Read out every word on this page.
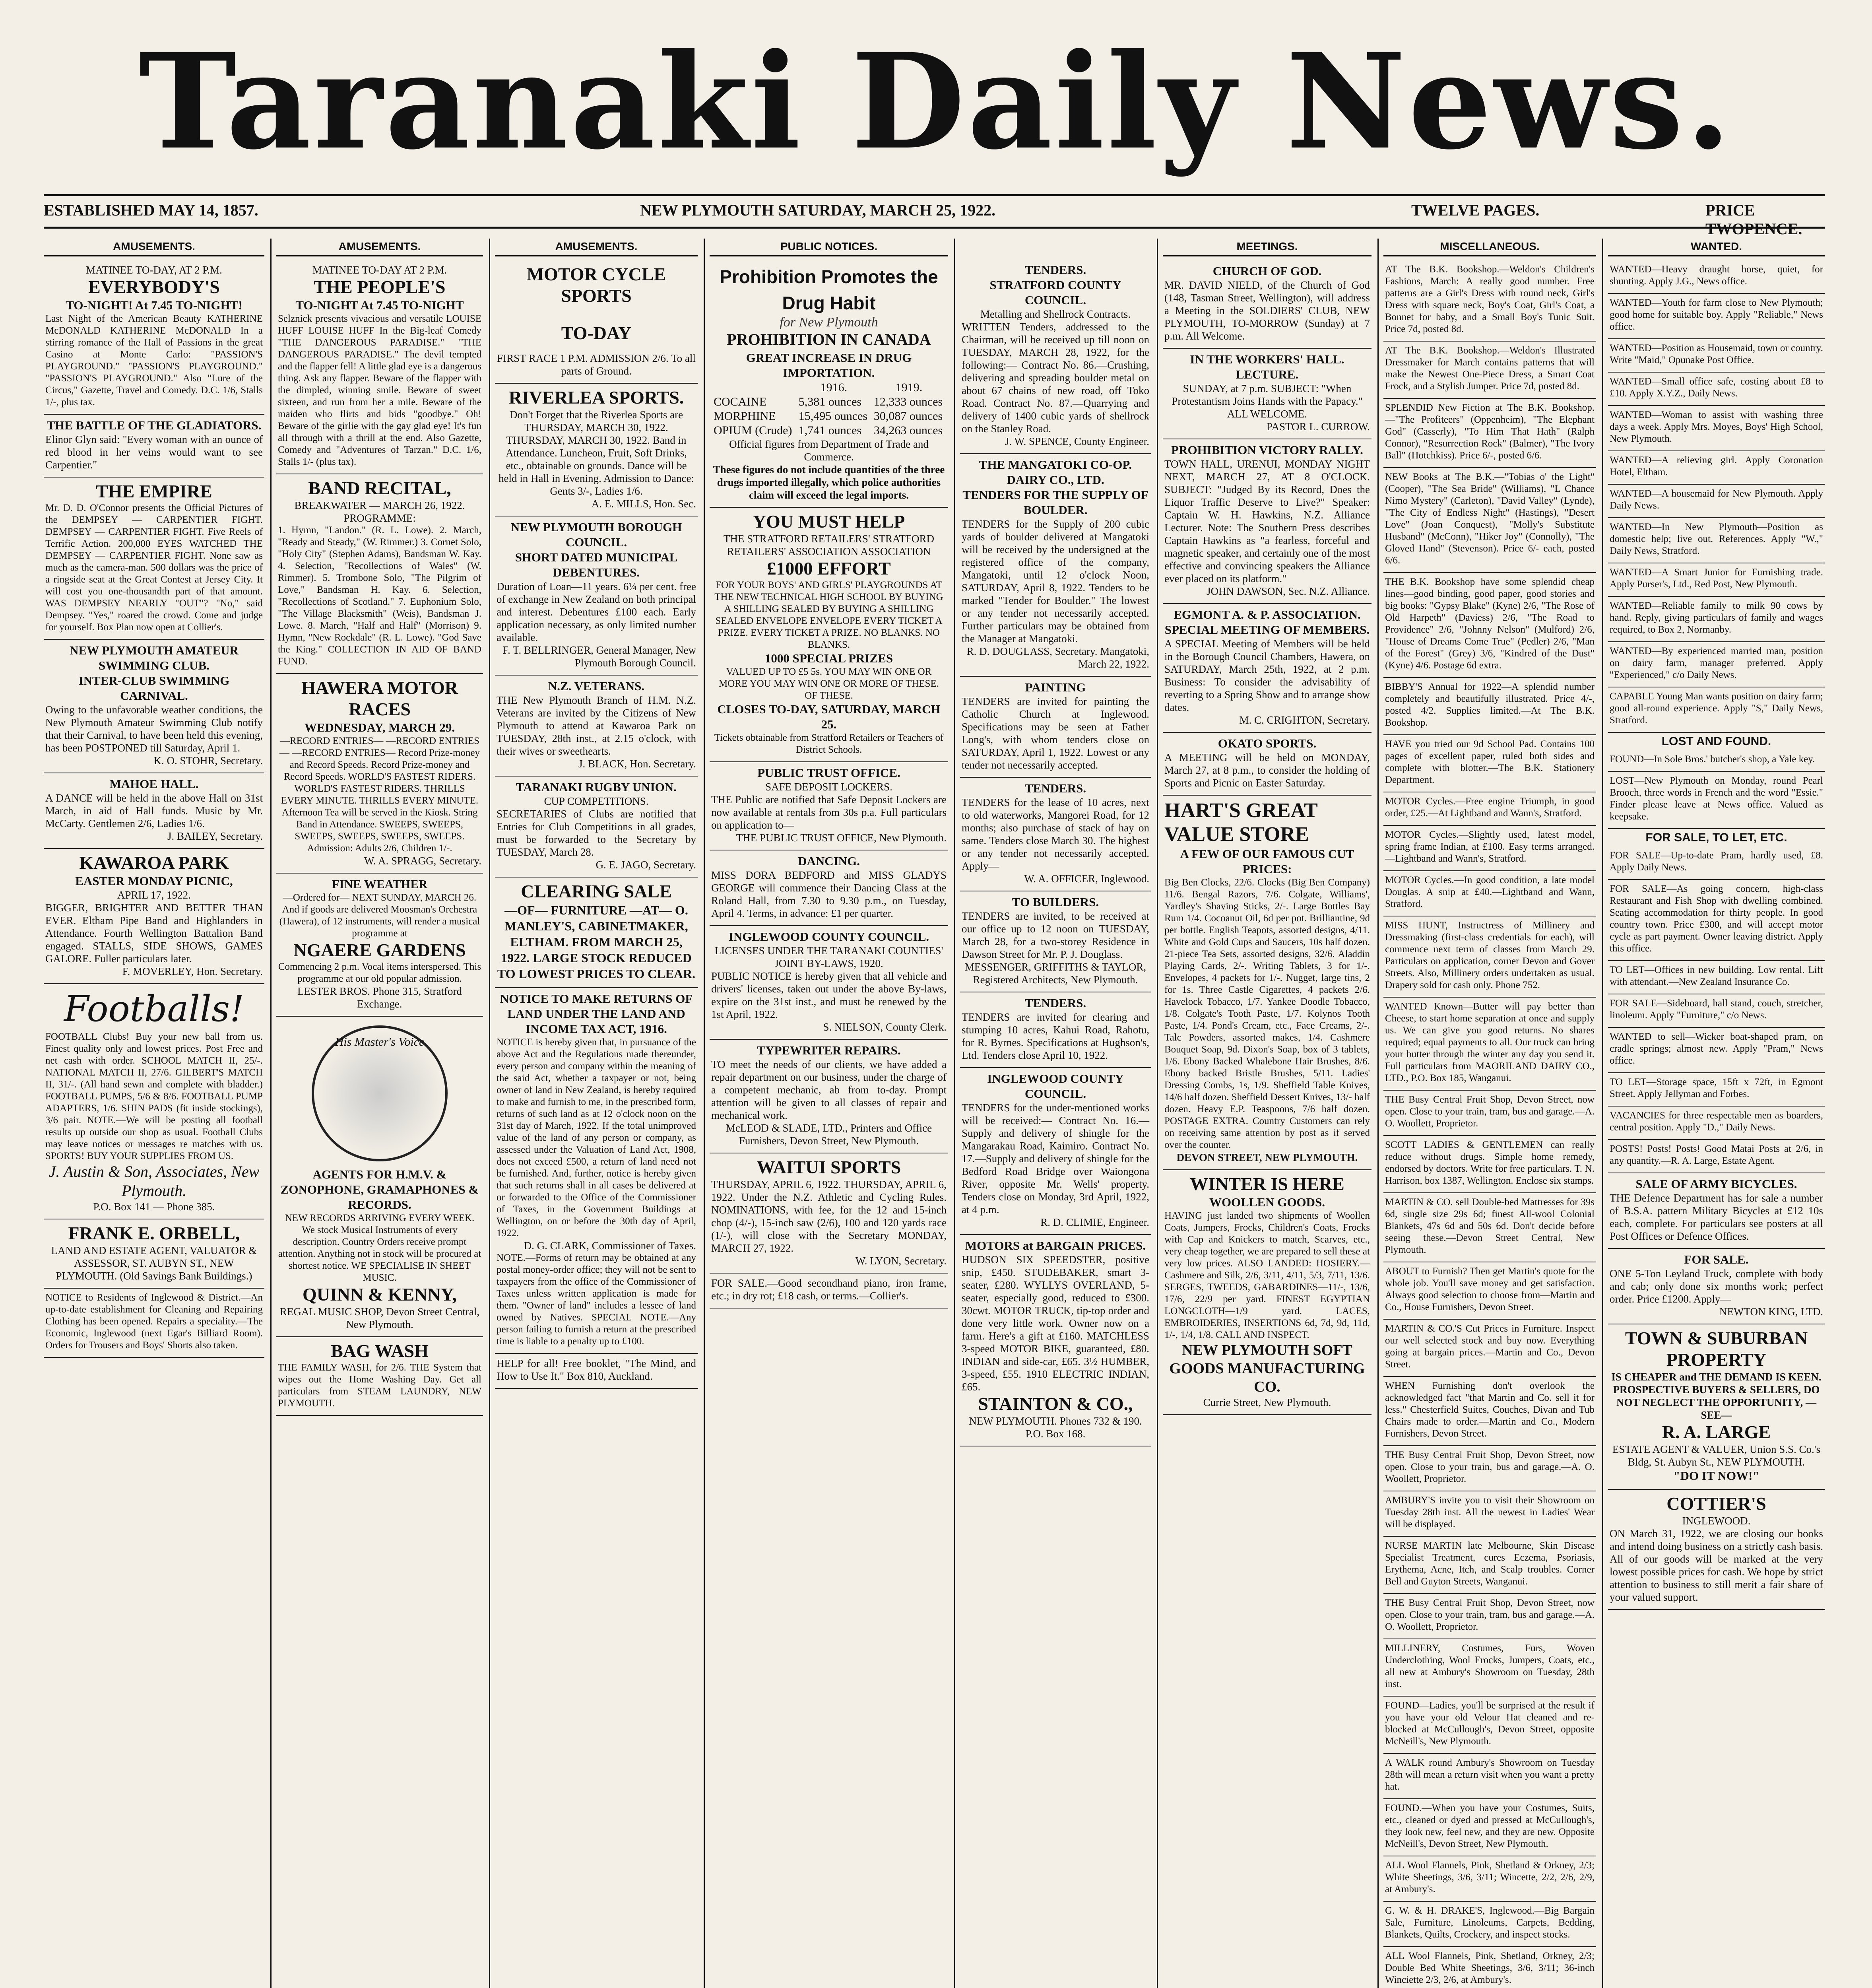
Taranaki Daily News.
ESTABLISHED MAY 14, 1857.	NEW PLYMOUTH SATURDAY, MARCH 25, 1922.	TWELVE PAGES.	PRICE TWOPENCE.
AMUSEMENTS.
MATINEE TO-DAY, AT 2 P.M.
EVERYBODY'S
TO-NIGHT! At 7.45 TO-NIGHT!
Last Night of the American Beauty KATHERINE McDONALD KATHERINE McDONALD In a stirring romance of the Hall of Passions in the great Casino at Monte Carlo: "PASSION'S PLAYGROUND." "PASSION'S PLAYGROUND." "PASSION'S PLAYGROUND." Also "Lure of the Circus," Gazette, Travel and Comedy. D.C. 1/6, Stalls 1/-, plus tax.
THE BATTLE OF THE GLADIATORS.
Elinor Glyn said: "Every woman with an ounce of red blood in her veins would want to see Carpentier."
THE EMPIRE
Mr. D. D. O'Connor presents the Official Pictures of the DEMPSEY — CARPENTIER FIGHT. DEMPSEY — CARPENTIER FIGHT. Five Reels of Terrific Action. 200,000 EYES WATCHED THE DEMPSEY — CARPENTIER FIGHT. None saw as much as the camera-man. 500 dollars was the price of a ringside seat at the Great Contest at Jersey City. It will cost you one-thousandth part of that amount. WAS DEMPSEY NEARLY "OUT"? "No," said Dempsey. "Yes," roared the crowd. Come and judge for yourself. Box Plan now open at Collier's.
NEW PLYMOUTH AMATEUR SWIMMING CLUB.
INTER-CLUB SWIMMING CARNIVAL.
Owing to the unfavorable weather conditions, the New Plymouth Amateur Swimming Club notify that their Carnival, to have been held this evening, has been POSTPONED till Saturday, April 1.
K. O. STOHR, Secretary.
MAHOE HALL.
A DANCE will be held in the above Hall on 31st March, in aid of Hall funds. Music by Mr. McCarty. Gentlemen 2/6, Ladies 1/6.
J. BAILEY, Secretary.
KAWAROA PARK
EASTER MONDAY PICNIC,
APRIL 17, 1922.
BIGGER, BRIGHTER AND BETTER THAN EVER. Eltham Pipe Band and Highlanders in Attendance. Fourth Wellington Battalion Band engaged. STALLS, SIDE SHOWS, GAMES GALORE. Fuller particulars later.
F. MOVERLEY, Hon. Secretary.
Footballs!
FOOTBALL Clubs! Buy your new ball from us. Finest quality only and lowest prices. Post Free and net cash with order. SCHOOL MATCH II, 25/-. NATIONAL MATCH II, 27/6. GILBERT'S MATCH II, 31/-. (All hand sewn and complete with bladder.) FOOTBALL PUMPS, 5/6 & 8/6. FOOTBALL PUMP ADAPTERS, 1/6. SHIN PADS (fit inside stockings), 3/6 pair. NOTE.—We will be posting all football results up outside our shop as usual. Football Clubs may leave notices or messages re matches with us. SPORTS! BUY YOUR SUPPLIES FROM US.
J. Austin & Son, Associates, New Plymouth.
P.O. Box 141 — Phone 385.
FRANK E. ORBELL,
LAND AND ESTATE AGENT, VALUATOR & ASSESSOR, ST. AUBYN ST., NEW PLYMOUTH. (Old Savings Bank Buildings.)
NOTICE to Residents of Inglewood & District.—An up-to-date establishment for Cleaning and Repairing Clothing has been opened. Repairs a speciality.—The Economic, Inglewood (next Egar's Billiard Room). Orders for Trousers and Boys' Shorts also taken.
AMUSEMENTS.
MATINEE TO-DAY AT 2 P.M.
THE PEOPLE'S
TO-NIGHT At 7.45 TO-NIGHT
Selznick presents vivacious and versatile LOUISE HUFF LOUISE HUFF In the Big-leaf Comedy "THE DANGEROUS PARADISE." "THE DANGEROUS PARADISE." The devil tempted and the flapper fell! A little glad eye is a dangerous thing. Ask any flapper. Beware of the flapper with the dimpled, winning smile. Beware of sweet sixteen, and run from her a mile. Beware of the maiden who flirts and bids "goodbye." Oh! Beware of the girlie with the gay glad eye! It's fun all through with a thrill at the end. Also Gazette, Comedy and "Adventures of Tarzan." D.C. 1/6, Stalls 1/- (plus tax).
BAND RECITAL,
BREAKWATER — MARCH 26, 1922.
PROGRAMME:
1. Hymn, "Landon." (R. L. Lowe). 2. March, "Ready and Steady," (W. Rimmer.) 3. Cornet Solo, "Holy City" (Stephen Adams), Bandsman W. Kay. 4. Selection, "Recollections of Wales" (W. Rimmer). 5. Trombone Solo, "The Pilgrim of Love," Bandsman H. Kay. 6. Selection, "Recollections of Scotland." 7. Euphonium Solo, "The Village Blacksmith" (Weis), Bandsman J. Lowe. 8. March, "Half and Half" (Morrison) 9. Hymn, "New Rockdale" (R. L. Lowe). "God Save the King." COLLECTION IN AID OF BAND FUND.
HAWERA MOTOR RACES
WEDNESDAY, MARCH 29.
—RECORD ENTRIES— —RECORD ENTRIES— —RECORD ENTRIES— Record Prize-money and Record Speeds. Record Prize-money and Record Speeds. WORLD'S FASTEST RIDERS. WORLD'S FASTEST RIDERS. THRILLS EVERY MINUTE. THRILLS EVERY MINUTE. Afternoon Tea will be served in the Kiosk. String Band in Attendance. SWEEPS, SWEEPS, SWEEPS, SWEEPS, SWEEPS, SWEEPS. Admission: Adults 2/6, Children 1/-.
W. A. SPRAGG, Secretary.
FINE WEATHER
—Ordered for— NEXT SUNDAY, MARCH 26. And if goods are delivered Moosman's Orchestra (Hawera), of 12 instruments, will render a musical programme at
NGAERE GARDENS
Commencing 2 p.m. Vocal items interspersed. This programme at our old popular admission.
LESTER BROS. Phone 315, Stratford Exchange.
His Master's Voice
AGENTS FOR H.M.V. & ZONOPHONE, GRAMAPHONES & RECORDS.
NEW RECORDS ARRIVING EVERY WEEK. We stock Musical Instruments of every description. Country Orders receive prompt attention. Anything not in stock will be procured at shortest notice. WE SPECIALISE IN SHEET MUSIC.
QUINN & KENNY,
REGAL MUSIC SHOP, Devon Street Central, New Plymouth.
BAG WASH
THE FAMILY WASH, for 2/6. THE System that wipes out the Home Washing Day. Get all particulars from STEAM LAUNDRY, NEW PLYMOUTH.
AMUSEMENTS.
MOTOR CYCLE SPORTS
TO-DAY
FIRST RACE 1 P.M. ADMISSION 2/6. To all parts of Ground.
RIVERLEA SPORTS.
Don't Forget that the Riverlea Sports are THURSDAY, MARCH 30, 1922. THURSDAY, MARCH 30, 1922. Band in Attendance. Luncheon, Fruit, Soft Drinks, etc., obtainable on grounds. Dance will be held in Hall in Evening. Admission to Dance: Gents 3/-, Ladies 1/6.
A. E. MILLS, Hon. Sec.
NEW PLYMOUTH BOROUGH COUNCIL.
SHORT DATED MUNICIPAL DEBENTURES.
Duration of Loan—11 years. 6¼ per cent. free of exchange in New Zealand on both principal and interest. Debentures £100 each. Early application necessary, as only limited number available.
F. T. BELLRINGER, General Manager, New Plymouth Borough Council.
N.Z. VETERANS.
THE New Plymouth Branch of H.M. N.Z. Veterans are invited by the Citizens of New Plymouth to attend at Kawaroa Park on TUESDAY, 28th inst., at 2.15 o'clock, with their wives or sweethearts.
J. BLACK, Hon. Secretary.
TARANAKI RUGBY UNION.
CUP COMPETITIONS.
SECRETARIES of Clubs are notified that Entries for Club Competitions in all grades, must be forwarded to the Secretary by TUESDAY, March 28.
G. E. JAGO, Secretary.
CLEARING SALE
—OF— FURNITURE —AT— O. MANLEY'S, CABINETMAKER, ELTHAM. FROM MARCH 25, 1922. LARGE STOCK REDUCED TO LOWEST PRICES TO CLEAR.
NOTICE TO MAKE RETURNS OF LAND UNDER THE LAND AND INCOME TAX ACT, 1916.
NOTICE is hereby given that, in pursuance of the above Act and the Regulations made thereunder, every person and company within the meaning of the said Act, whether a taxpayer or not, being owner of land in New Zealand, is hereby required to make and furnish to me, in the prescribed form, returns of such land as at 12 o'clock noon on the 31st day of March, 1922. If the total unimproved value of the land of any person or company, as assessed under the Valuation of Land Act, 1908, does not exceed £500, a return of land need not be furnished. And, further, notice is hereby given that such returns shall in all cases be delivered at or forwarded to the Office of the Commissioner of Taxes, in the Government Buildings at Wellington, on or before the 30th day of April, 1922.
D. G. CLARK, Commissioner of Taxes.
NOTE.—Forms of return may be obtained at any postal money-order office; they will not be sent to taxpayers from the office of the Commissioner of Taxes unless written application is made for them. "Owner of land" includes a lessee of land owned by Natives. SPECIAL NOTE.—Any person failing to furnish a return at the prescribed time is liable to a penalty up to £100.
HELP for all! Free booklet, "The Mind, and How to Use It." Box 810, Auckland.
PUBLIC NOTICES.
Prohibition Promotes the Drug Habit
for New Plymouth
PROHIBITION IN CANADA
GREAT INCREASE IN DRUG IMPORTATION.
	1916.	1919.
COCAINE	5,381 ounces	12,333 ounces
MORPHINE	15,495 ounces	30,087 ounces
OPIUM (Crude)	1,741 ounces	34,263 ounces
Official figures from Department of Trade and Commerce.
These figures do not include quantities of the three drugs imported illegally, which police authorities claim will exceed the legal imports.
YOU MUST HELP
THE STRATFORD RETAILERS' STRATFORD RETAILERS' ASSOCIATION ASSOCIATION
£1000 EFFORT
FOR YOUR BOYS' AND GIRLS' PLAYGROUNDS AT THE NEW TECHNICAL HIGH SCHOOL BY BUYING A SHILLING SEALED BY BUYING A SHILLING SEALED ENVELOPE ENVELOPE EVERY TICKET A PRIZE. EVERY TICKET A PRIZE. NO BLANKS. NO BLANKS.
1000 SPECIAL PRIZES
VALUED UP TO £5 5s. YOU MAY WIN ONE OR MORE YOU MAY WIN ONE OR MORE OF THESE. OF THESE.
CLOSES TO-DAY, SATURDAY, MARCH 25.
Tickets obtainable from Stratford Retailers or Teachers of District Schools.
PUBLIC TRUST OFFICE.
SAFE DEPOSIT LOCKERS.
THE Public are notified that Safe Deposit Lockers are now available at rentals from 30s p.a. Full particulars on application to—
THE PUBLIC TRUST OFFICE, New Plymouth.
DANCING.
MISS DORA BEDFORD and MISS GLADYS GEORGE will commence their Dancing Class at the Roland Hall, from 7.30 to 9.30 p.m., on Tuesday, April 4. Terms, in advance: £1 per quarter.
INGLEWOOD COUNTY COUNCIL.
LICENSES UNDER THE TARANAKI COUNTIES' JOINT BY-LAWS, 1920.
PUBLIC NOTICE is hereby given that all vehicle and drivers' licenses, taken out under the above By-laws, expire on the 31st inst., and must be renewed by the 1st April, 1922.
S. NIELSON, County Clerk.
TYPEWRITER REPAIRS.
TO meet the needs of our clients, we have added a repair department on our business, under the charge of a competent mechanic, ab from to-day. Prompt attention will be given to all classes of repair and mechanical work.
McLEOD & SLADE, LTD., Printers and Office Furnishers, Devon Street, New Plymouth.
WAITUI SPORTS
THURSDAY, APRIL 6, 1922. THURSDAY, APRIL 6, 1922. Under the N.Z. Athletic and Cycling Rules. NOMINATIONS, with fee, for the 12 and 15-inch chop (4/-), 15-inch saw (2/6), 100 and 120 yards race (1/-), will close with the Secretary MONDAY, MARCH 27, 1922.
W. LYON, Secretary.
FOR SALE.—Good secondhand piano, iron frame, etc.; in dry rot; £18 cash, or terms.—Collier's.
TENDERS.
STRATFORD COUNTY COUNCIL.
Metalling and Shellrock Contracts.
WRITTEN Tenders, addressed to the Chairman, will be received up till noon on TUESDAY, MARCH 28, 1922, for the following:— Contract No. 86.—Crushing, delivering and spreading boulder metal on about 67 chains of new road, off Toko Road. Contract No. 87.—Quarrying and delivery of 1400 cubic yards of shellrock on the Stanley Road.
J. W. SPENCE, County Engineer.
THE MANGATOKI CO-OP. DAIRY CO., LTD.
TENDERS FOR THE SUPPLY OF BOULDER.
TENDERS for the Supply of 200 cubic yards of boulder delivered at Mangatoki will be received by the undersigned at the registered office of the company, Mangatoki, until 12 o'clock Noon, SATURDAY, April 8, 1922. Tenders to be marked "Tender for Boulder." The lowest or any tender not necessarily accepted. Further particulars may be obtained from the Manager at Mangatoki.
R. D. DOUGLASS, Secretary. Mangatoki, March 22, 1922.
PAINTING
TENDERS are invited for painting the Catholic Church at Inglewood. Specifications may be seen at Father Long's, with whom tenders close on SATURDAY, April 1, 1922. Lowest or any tender not necessarily accepted.
TENDERS.
TENDERS for the lease of 10 acres, next to old waterworks, Mangorei Road, for 12 months; also purchase of stack of hay on same. Tenders close March 30. The highest or any tender not necessarily accepted. Apply—
W. A. OFFICER, Inglewood.
TO BUILDERS.
TENDERS are invited, to be received at our office up to 12 noon on TUESDAY, March 28, for a two-storey Residence in Dawson Street for Mr. P. J. Douglass.
MESSENGER, GRIFFITHS & TAYLOR, Registered Architects, New Plymouth.
TENDERS.
TENDERS are invited for clearing and stumping 10 acres, Kahui Road, Rahotu, for R. Byrnes. Specifications at Hughson's, Ltd. Tenders close April 10, 1922.
INGLEWOOD COUNTY COUNCIL.
TENDERS for the under-mentioned works will be received:— Contract No. 16.—Supply and delivery of shingle for the Mangarakau Road, Kaimiro. Contract No. 17.—Supply and delivery of shingle for the Bedford Road Bridge over Waiongona River, opposite Mr. Wells' property. Tenders close on Monday, 3rd April, 1922, at 4 p.m.
R. D. CLIMIE, Engineer.
MOTORS at BARGAIN PRICES.
HUDSON SIX SPEEDSTER, positive snip, £450. STUDEBAKER, smart 3-seater, £280. WYLLYS OVERLAND, 5-seater, especially good, reduced to £300. 30cwt. MOTOR TRUCK, tip-top order and done very little work. Owner now on a farm. Here's a gift at £160. MATCHLESS 3-speed MOTOR BIKE, guaranteed, £80. INDIAN and side-car, £65. 3½ HUMBER, 3-speed, £55. 1910 ELECTRIC INDIAN, £65.
STAINTON & CO.,
NEW PLYMOUTH. Phones 732 & 190. P.O. Box 168.
MEETINGS.
CHURCH OF GOD.
MR. DAVID NIELD, of the Church of God (148, Tasman Street, Wellington), will address a Meeting in the SOLDIERS' CLUB, NEW PLYMOUTH, TO-MORROW (Sunday) at 7 p.m. All Welcome.
IN THE WORKERS' HALL.
LECTURE.
SUNDAY, at 7 p.m. SUBJECT: "When Protestantism Joins Hands with the Papacy." ALL WELCOME.
PASTOR L. CURROW.
PROHIBITION VICTORY RALLY.
TOWN HALL, URENUI, MONDAY NIGHT NEXT, MARCH 27, AT 8 O'CLOCK. SUBJECT: "Judged By its Record, Does the Liquor Traffic Deserve to Live?" Speaker: Captain W. H. Hawkins, N.Z. Alliance Lecturer. Note: The Southern Press describes Captain Hawkins as "a fearless, forceful and magnetic speaker, and certainly one of the most effective and convincing speakers the Alliance ever placed on its platform."
JOHN DAWSON, Sec. N.Z. Alliance.
EGMONT A. & P. ASSOCIATION.
SPECIAL MEETING OF MEMBERS.
A SPECIAL Meeting of Members will be held in the Borough Council Chambers, Hawera, on SATURDAY, March 25th, 1922, at 2 p.m. Business: To consider the advisability of reverting to a Spring Show and to arrange show dates.
M. C. CRIGHTON, Secretary.
OKATO SPORTS.
A MEETING will be held on MONDAY, March 27, at 8 p.m., to consider the holding of Sports and Picnic on Easter Saturday.
HART'S GREAT VALUE STORE
A FEW OF OUR FAMOUS CUT PRICES:
Big Ben Clocks, 22/6. Clocks (Big Ben Company) 11/6. Bengal Razors, 7/6. Colgate, Williams', Yardley's Shaving Sticks, 2/-. Large Bottles Bay Rum 1/4. Cocoanut Oil, 6d per pot. Brilliantine, 9d per bottle. English Teapots, assorted designs, 4/11. White and Gold Cups and Saucers, 10s half dozen. 21-piece Tea Sets, assorted designs, 32/6. Aladdin Playing Cards, 2/-. Writing Tablets, 3 for 1/-. Envelopes, 4 packets for 1/-. Nugget, large tins, 2 for 1s. Three Castle Cigarettes, 4 packets 2/6. Havelock Tobacco, 1/7. Yankee Doodle Tobacco, 1/8. Colgate's Tooth Paste, 1/7. Kolynos Tooth Paste, 1/4. Pond's Cream, etc., Face Creams, 2/-. Talc Powders, assorted makes, 1/4. Cashmere Bouquet Soap, 9d. Dixon's Soap, box of 3 tablets, 1/6. Ebony Backed Whalebone Hair Brushes, 8/6. Ebony backed Bristle Brushes, 5/11. Ladies' Dressing Combs, 1s, 1/9. Sheffield Table Knives, 14/6 half dozen. Sheffield Dessert Knives, 13/- half dozen. Heavy E.P. Teaspoons, 7/6 half dozen. POSTAGE EXTRA. Country Customers can rely on receiving same attention by post as if served over the counter.
DEVON STREET, NEW PLYMOUTH.
WINTER IS HERE
WOOLLEN GOODS.
HAVING just landed two shipments of Woollen Coats, Jumpers, Frocks, Children's Coats, Frocks with Cap and Knickers to match, Scarves, etc., very cheap together, we are prepared to sell these at very low prices. ALSO LANDED: HOSIERY.—Cashmere and Silk, 2/6, 3/11, 4/11, 5/3, 7/11, 13/6. SERGES, TWEEDS, GABARDINES—11/-, 13/6, 17/6, 22/9 per yard. FINEST EGYPTIAN LONGCLOTH—1/9 yard. LACES, EMBROIDERIES, INSERTIONS 6d, 7d, 9d, 11d, 1/-, 1/4, 1/8. CALL AND INSPECT.
NEW PLYMOUTH SOFT GOODS MANUFACTURING CO.
Currie Street, New Plymouth.
MISCELLANEOUS.
AT The B.K. Bookshop.—Weldon's Children's Fashions, March: A really good number. Free patterns are a Girl's Dress with round neck, Girl's Dress with square neck, Boy's Coat, Girl's Coat, a Bonnet for baby, and a Small Boy's Tunic Suit. Price 7d, posted 8d.
AT The B.K. Bookshop.—Weldon's Illustrated Dressmaker for March contains patterns that will make the Newest One-Piece Dress, a Smart Coat Frock, and a Stylish Jumper. Price 7d, posted 8d.
SPLENDID New Fiction at The B.K. Bookshop.—"The Profiteers" (Oppenheim), "The Elephant God" (Casserly), "To Him That Hath" (Ralph Connor), "Resurrection Rock" (Balmer), "The Ivory Ball" (Hotchkiss). Price 6/-, posted 6/6.
NEW Books at The B.K.—"Tobias o' the Light" (Cooper), "The Sea Bride" (Williams), "L Chance Nimo Mystery" (Carleton), "David Valley" (Lynde), "The City of Endless Night" (Hastings), "Desert Love" (Joan Conquest), "Molly's Substitute Husband" (McConn), "Hiker Joy" (Connolly), "The Gloved Hand" (Stevenson). Price 6/- each, posted 6/6.
THE B.K. Bookshop have some splendid cheap lines—good binding, good paper, good stories and big books: "Gypsy Blake" (Kyne) 2/6, "The Rose of Old Harpeth" (Daviess) 2/6, "The Road to Providence" 2/6, "Johnny Nelson" (Mulford) 2/6, "House of Dreams Come True" (Pedler) 2/6, "Man of the Forest" (Grey) 3/6, "Kindred of the Dust" (Kyne) 4/6. Postage 6d extra.
BIBBY'S Annual for 1922—A splendid number completely and beautifully illustrated. Price 4/-, posted 4/2. Supplies limited.—At The B.K. Bookshop.
HAVE you tried our 9d School Pad. Contains 100 pages of excellent paper, ruled both sides and complete with blotter.—The B.K. Stationery Department.
MOTOR Cycles.—Free engine Triumph, in good order, £25.—At Lightband and Wann's, Stratford.
MOTOR Cycles.—Slightly used, latest model, spring frame Indian, at £100. Easy terms arranged.—Lightband and Wann's, Stratford.
MOTOR Cycles.—In good condition, a late model Douglas. A snip at £40.—Lightband and Wann, Stratford.
MISS HUNT, Instructress of Millinery and Dressmaking (first-class credentials for each), will commence next term of classes from March 29. Particulars on application, corner Devon and Gover Streets. Also, Millinery orders undertaken as usual. Drapery sold for cash only. Phone 752.
WANTED Known—Butter will pay better than Cheese, to start home separation at once and supply us. We can give you good returns. No shares required; equal payments to all. Our truck can bring your butter through the winter any day you send it. Full particulars from MAORILAND DAIRY CO., LTD., P.O. Box 185, Wanganui.
THE Busy Central Fruit Shop, Devon Street, now open. Close to your train, tram, bus and garage.—A. O. Woollett, Proprietor.
SCOTT LADIES & GENTLEMEN can really reduce without drugs. Simple home remedy, endorsed by doctors. Write for free particulars. T. N. Harrison, box 1387, Wellington. Enclose six stamps.
MARTIN & CO. sell Double-bed Mattresses for 39s 6d, single size 29s 6d; finest All-wool Colonial Blankets, 47s 6d and 50s 6d. Don't decide before seeing these.—Devon Street Central, New Plymouth.
ABOUT to Furnish? Then get Martin's quote for the whole job. You'll save money and get satisfaction. Always good selection to choose from—Martin and Co., House Furnishers, Devon Street.
MARTIN & CO.'S Cut Prices in Furniture. Inspect our well selected stock and buy now. Everything going at bargain prices.—Martin and Co., Devon Street.
WHEN Furnishing don't overlook the acknowledged fact "that Martin and Co. sell it for less." Chesterfield Suites, Couches, Divan and Tub Chairs made to order.—Martin and Co., Modern Furnishers, Devon Street.
THE Busy Central Fruit Shop, Devon Street, now open. Close to your train, bus and garage.—A. O. Woollett, Proprietor.
AMBURY'S invite you to visit their Showroom on Tuesday 28th inst. All the newest in Ladies' Wear will be displayed.
NURSE MARTIN late Melbourne, Skin Disease Specialist Treatment, cures Eczema, Psoriasis, Erythema, Acne, Itch, and Scalp troubles. Corner Bell and Guyton Streets, Wanganui.
THE Busy Central Fruit Shop, Devon Street, now open. Close to your train, tram, bus and garage.—A. O. Woollett, Proprietor.
MILLINERY, Costumes, Furs, Woven Underclothing, Wool Frocks, Jumpers, Coats, etc., all new at Ambury's Showroom on Tuesday, 28th inst.
FOUND—Ladies, you'll be surprised at the result if you have your old Velour Hat cleaned and re-blocked at McCullough's, Devon Street, opposite McNeill's, New Plymouth.
A WALK round Ambury's Showroom on Tuesday 28th will mean a return visit when you want a pretty hat.
FOUND.—When you have your Costumes, Suits, etc., cleaned or dyed and pressed at McCullough's, they look new, feel new, and they are new. Opposite McNeill's, Devon Street, New Plymouth.
ALL Wool Flannels, Pink, Shetland & Orkney, 2/3; White Sheetings, 3/6, 3/11; Wincette, 2/2, 2/6, 2/9, at Ambury's.
G. W. & H. DRAKE'S, Inglewood.—Big Bargain Sale, Furniture, Linoleums, Carpets, Bedding, Blankets, Quilts, Crockery, and inspect stocks.
ALL Wool Flannels, Pink, Shetland, Orkney, 2/3; Double Bed White Sheetings, 3/6, 3/11; 36-inch Winciette 2/3, 2/6, at Ambury's.
WANTED.
WANTED—Heavy draught horse, quiet, for shunting. Apply J.G., News office.
WANTED—Youth for farm close to New Plymouth; good home for suitable boy. Apply "Reliable," News office.
WANTED—Position as Housemaid, town or country. Write "Maid," Opunake Post Office.
WANTED—Small office safe, costing about £8 to £10. Apply X.Y.Z., Daily News.
WANTED—Woman to assist with washing three days a week. Apply Mrs. Moyes, Boys' High School, New Plymouth.
WANTED—A relieving girl. Apply Coronation Hotel, Eltham.
WANTED—A housemaid for New Plymouth. Apply Daily News.
WANTED—In New Plymouth—Position as domestic help; live out. References. Apply "W.," Daily News, Stratford.
WANTED—A Smart Junior for Furnishing trade. Apply Purser's, Ltd., Red Post, New Plymouth.
WANTED—Reliable family to milk 90 cows by hand. Reply, giving particulars of family and wages required, to Box 2, Normanby.
WANTED—By experienced married man, position on dairy farm, manager preferred. Apply "Experienced," c/o Daily News.
CAPABLE Young Man wants position on dairy farm; good all-round experience. Apply "S," Daily News, Stratford.
LOST AND FOUND.
FOUND—In Sole Bros.' butcher's shop, a Yale key.
LOST—New Plymouth on Monday, round Pearl Brooch, three words in French and the word "Essie." Finder please leave at News office. Valued as keepsake.
FOR SALE, TO LET, ETC.
FOR SALE—Up-to-date Pram, hardly used, £8. Apply Daily News.
FOR SALE—As going concern, high-class Restaurant and Fish Shop with dwelling combined. Seating accommodation for thirty people. In good country town. Price £300, and will accept motor cycle as part payment. Owner leaving district. Apply this office.
TO LET—Offices in new building. Low rental. Lift with attendant.—New Zealand Insurance Co.
FOR SALE—Sideboard, hall stand, couch, stretcher, linoleum. Apply "Furniture," c/o News.
WANTED to sell—Wicker boat-shaped pram, on cradle springs; almost new. Apply "Pram," News office.
TO LET—Storage space, 15ft x 72ft, in Egmont Street. Apply Jellyman and Forbes.
VACANCIES for three respectable men as boarders, central position. Apply "D.," Daily News.
POSTS! Posts! Posts! Good Matai Posts at 2/6, in any quantity.—R. A. Large, Estate Agent.
SALE OF ARMY BICYCLES.
THE Defence Department has for sale a number of B.S.A. pattern Military Bicycles at £12 10s each, complete. For particulars see posters at all Post Offices or Defence Offices.
FOR SALE.
ONE 5-Ton Leyland Truck, complete with body and cab; only done six months work; perfect order. Price £1200. Apply—
NEWTON KING, LTD.
TOWN & SUBURBAN PROPERTY
IS CHEAPER and THE DEMAND IS KEEN. PROSPECTIVE BUYERS & SELLERS, DO NOT NEGLECT THE OPPORTUNITY, —SEE—
R. A. LARGE
ESTATE AGENT & VALUER, Union S.S. Co.'s Bldg, St. Aubyn St., NEW PLYMOUTH.
"DO IT NOW!"
COTTIER'S
INGLEWOOD.
ON March 31, 1922, we are closing our books and intend doing business on a strictly cash basis. All of our goods will be marked at the very lowest possible prices for cash. We hope by strict attention to business to still merit a fair share of your valued support.
